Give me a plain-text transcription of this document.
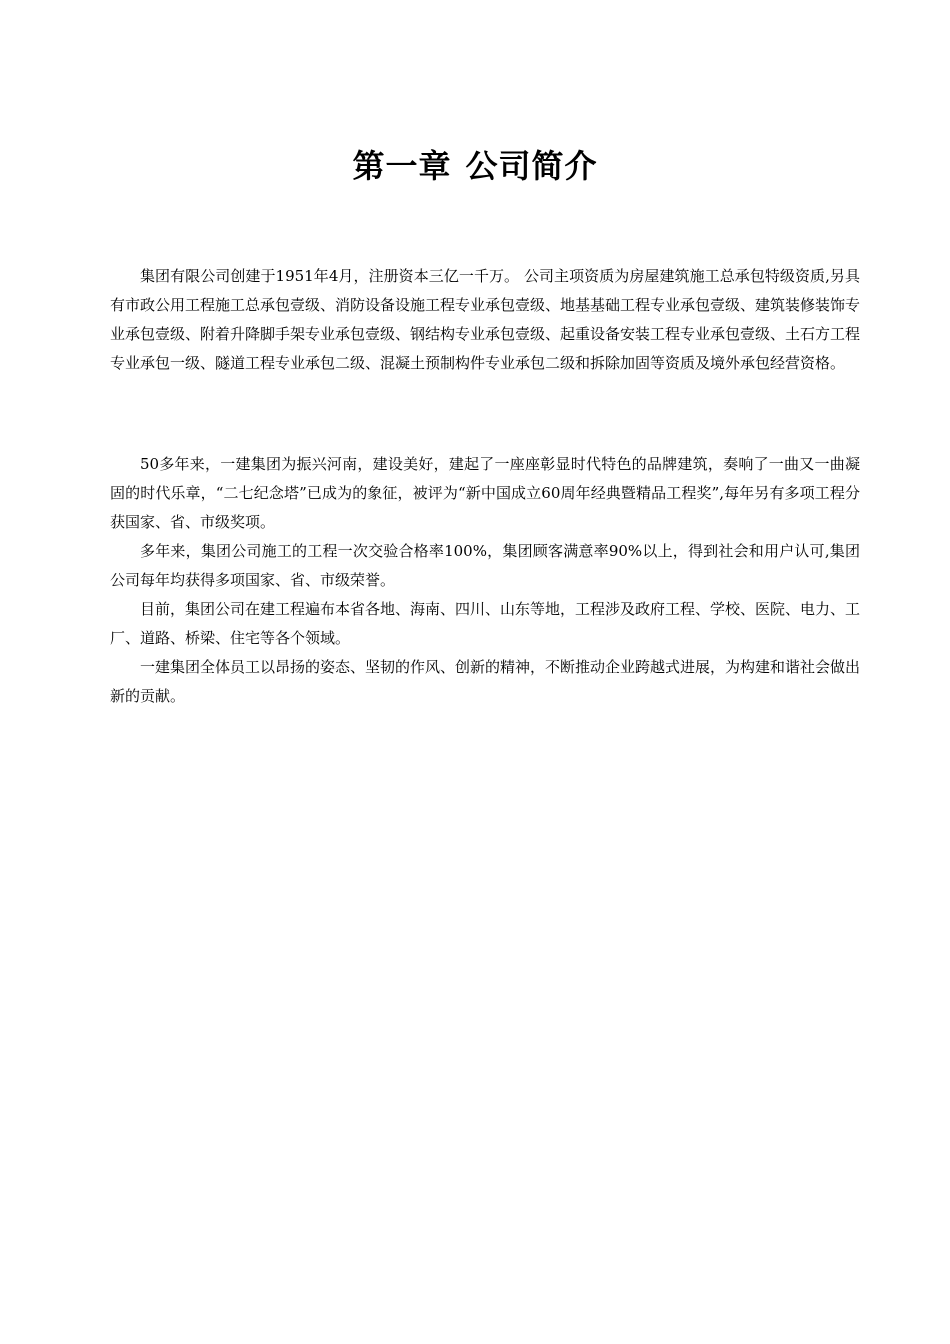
第一章 公司简介

集团有限公司创建于1951年4月，注册资本三亿一千万。 公司主项资质为房屋建筑施工总承包特级资质,另具有市政公用工程施工总承包壹级、消防设备设施工程专业承包壹级、地基基础工程专业承包壹级、建筑装修装饰专业承包壹级、附着升降脚手架专业承包壹级、钢结构专业承包壹级、起重设备安装工程专业承包壹级、土石方工程专业承包一级、隧道工程专业承包二级、混凝土预制构件专业承包二级和拆除加固等资质及境外承包经营资格。

50多年来，一建集团为振兴河南，建设美好，建起了一座座彰显时代特色的品牌建筑，奏响了一曲又一曲凝固的时代乐章，“二七纪念塔”已成为的象征，被评为“新中国成立60周年经典暨精品工程奖”,每年另有多项工程分获国家、省、市级奖项。

多年来，集团公司施工的工程一次交验合格率100%，集团顾客满意率90%以上，得到社会和用户认可,集团公司每年均获得多项国家、省、市级荣誉。

目前，集团公司在建工程遍布本省各地、海南、四川、山东等地，工程涉及政府工程、学校、医院、电力、工厂、道路、桥梁、住宅等各个领域。

一建集团全体员工以昂扬的姿态、坚韧的作风、创新的精神，不断推动企业跨越式进展，为构建和谐社会做出新的贡献。
